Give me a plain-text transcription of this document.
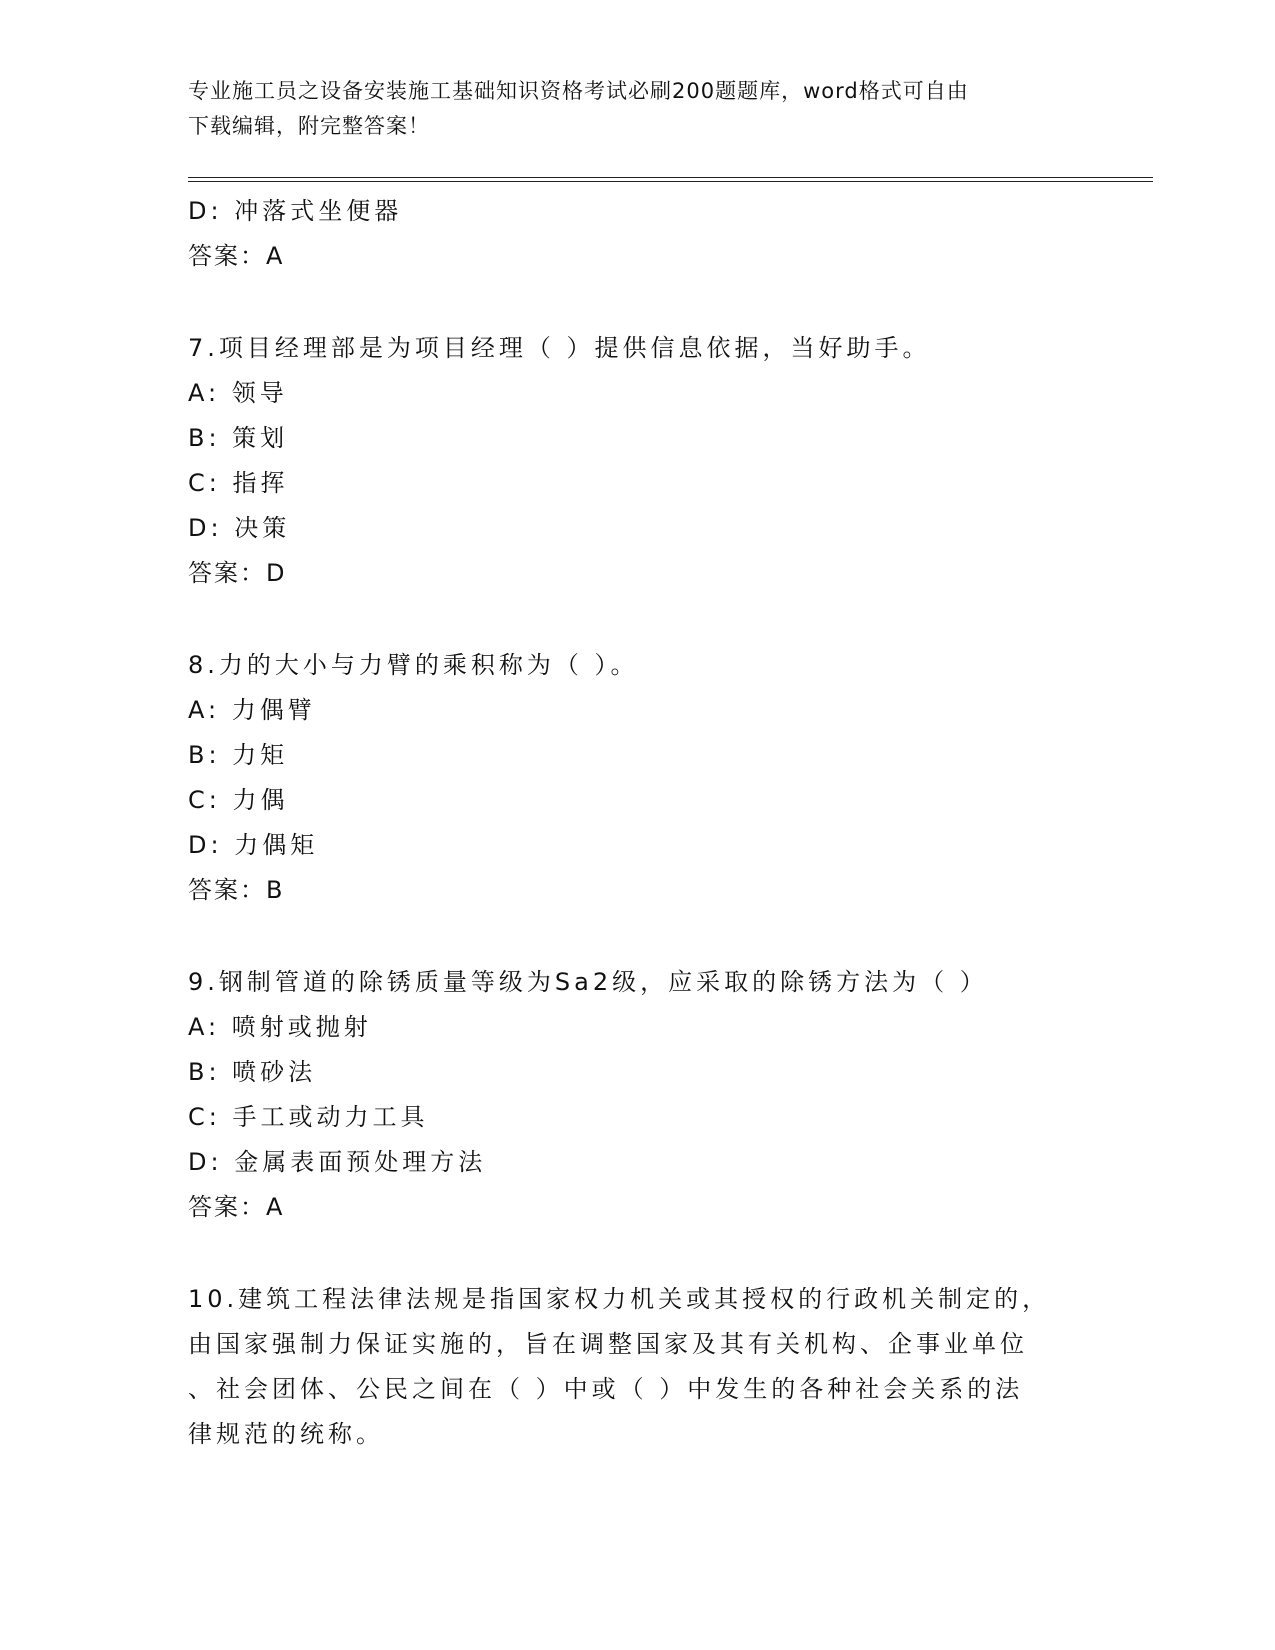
专业施工员之设备安装施工基础知识资格考试必刷200题题库，word格式可自由
下载编辑，附完整答案！
D: 冲落式坐便器
答案：A
7.项目经理部是为项目经理（ ）提供信息依据，当好助手。
A: 领导
B: 策划
C: 指挥
D: 决策
答案：D
8.力的大小与力臂的乘积称为（ ）。
A: 力偶臂
B: 力矩
C: 力偶
D: 力偶矩
答案：B
9.钢制管道的除锈质量等级为Sa2级，应采取的除锈方法为（ ）
A: 喷射或抛射
B: 喷砂法
C: 手工或动力工具
D: 金属表面预处理方法
答案：A
10.建筑工程法律法规是指国家权力机关或其授权的行政机关制定的，
由国家强制力保证实施的，旨在调整国家及其有关机构、企事业单位
、社会团体、公民之间在（ ）中或（ ）中发生的各种社会关系的法
律规范的统称。
